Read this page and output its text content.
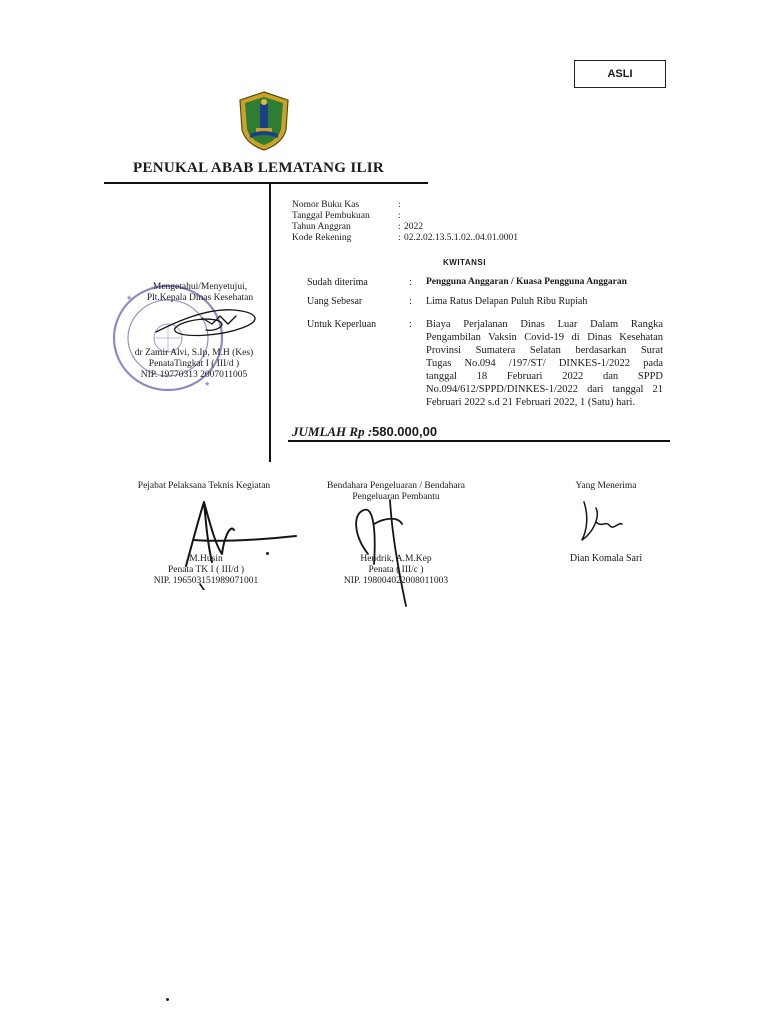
ASLI
PENUKAL ABAB LEMATANG ILIR
Nomor Buku Kas	:
Tanggal Pembukuan	:
Tahun Anggran	: 2022
Kode Rekening	: 02.2.02.13.5.1.02..04.01.0001
KWITANSI
Sudah diterima	: Pengguna Anggaran / Kuasa Pengguna Anggaran
Uang Sebesar	: Lima Ratus Delapan Puluh Ribu Rupiah
Untuk Keperluan	: Biaya Perjalanan Dinas Luar Dalam Rangka
Pengambilan Vaksin Covid-19 di Dinas Kesehatan
Provinsi Sumatera Selatan berdasarkan Surat
Tugas No.094 /197/ST/ DINKES-1/2022 pada
tanggal 18 Februari 2022 dan SPPD
No.094/612/SPPD/DINKES-1/2022 dari tanggal 21
Februari 2022 s.d 21 Februari 2022, 1 (Satu) hari.
JUMLAH Rp : 580.000,00
★
★
Mengetahui/Menyetujui,
Plt.Kepala Dinas Kesehatan
dr Zamir Alvi, S.Ip, M.H (Kes)
PenataTingkat I ( III/d )
NIP. 19770313 2007011005
Pejabat Pelaksana Teknis Kegiatan
M.Husin
Penata TK I ( III/d )
NIP. 196503151989071001
Bendahara Pengeluaran / Bendahara
Pengeluaran Pembantu
Hendrik, A.M.Kep
Penata ( III/c )
NIP. 198004022008011003
Yang Menerima
Dian Komala Sari
